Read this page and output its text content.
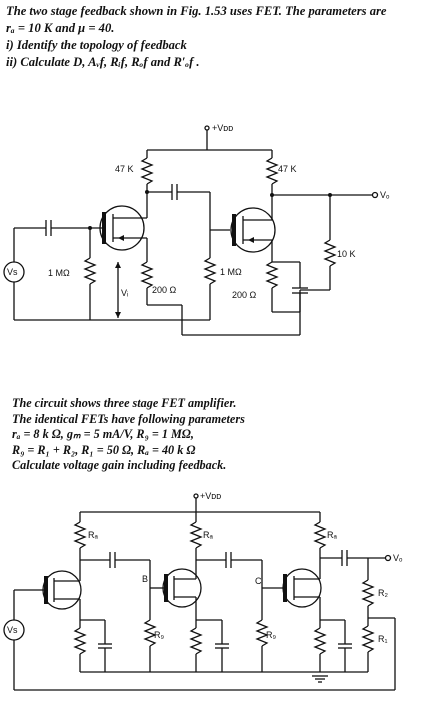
The two stage feedback shown in Fig. 1.53 uses FET. The parameters are
rₐ = 10 K and μ = 40.
i) Identify the topology of feedback
ii) Calculate D, Aᵥf, Rᵢf, Rₒf and R′ₒf .
+Vᴅᴅ
47 K	47 K
Vs	1 MΩ
Vᵢ	200 Ω
1 MΩ
200 Ω
Vₒ
10 K
The circuit shows three stage FET amplifier.
The identical FETs have following parameters
rₐ = 8 k Ω, gₘ = 5 mA/V, R₉ = 1 MΩ,
R₉ = R₁ + R₂, R₁ = 50 Ω, Rₐ = 40 k Ω
Calculate voltage gain including feedback.
+Vᴅᴅ
Rₐ
Vs
B
R₉
Rₐ
C
R₉
Rₐ
Vₒ
R₂
R₁
